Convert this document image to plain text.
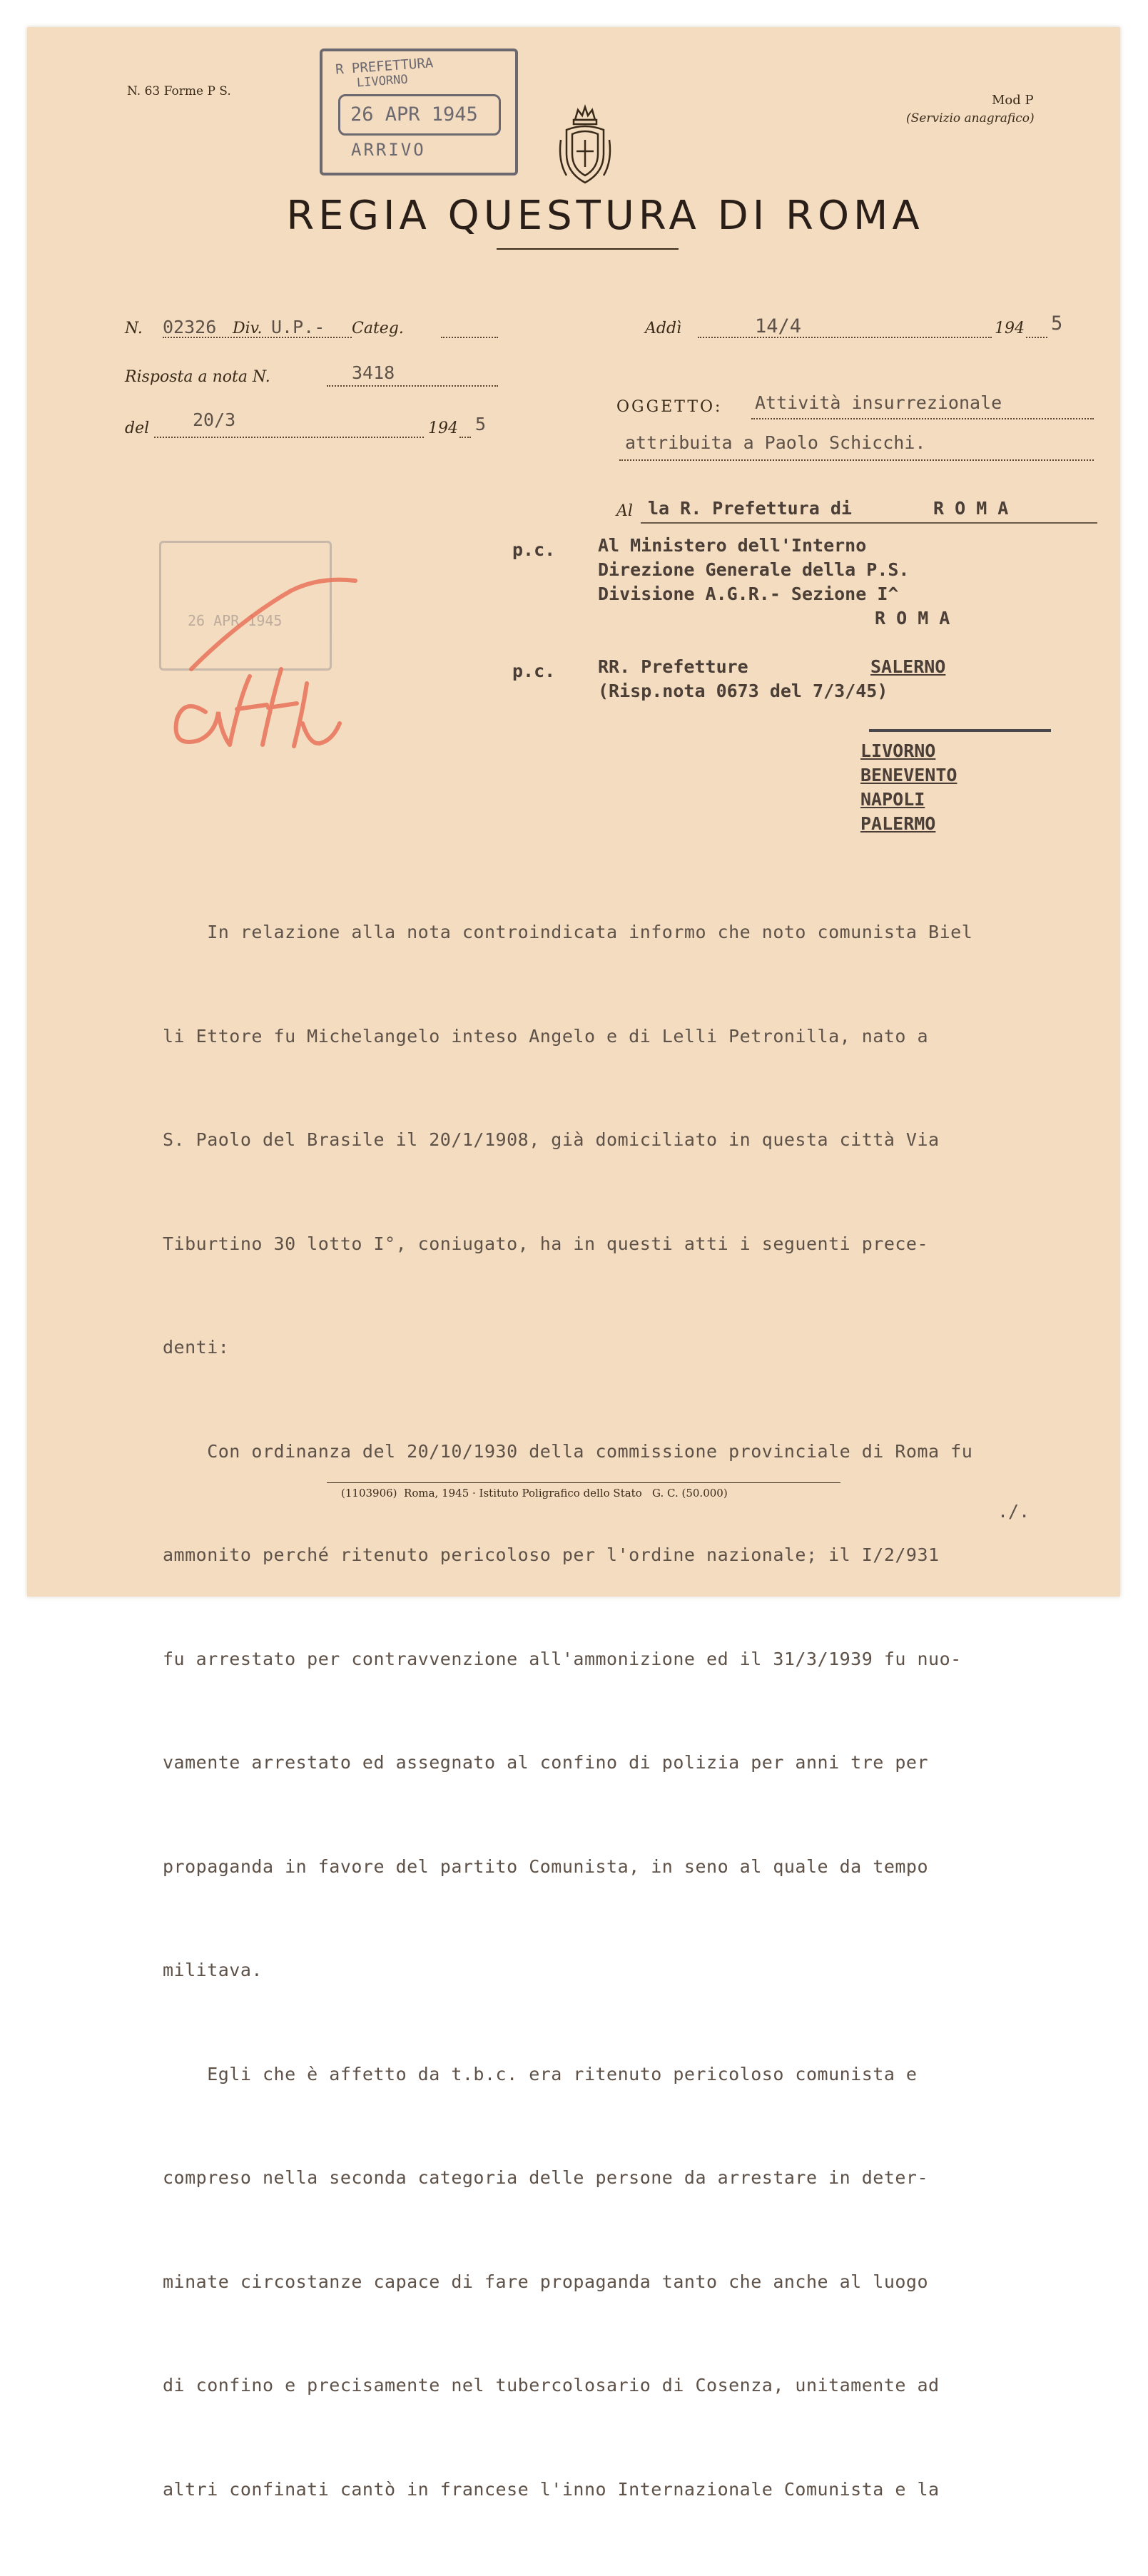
N. 63 Forme P S.
Mod P
(Servizio anagrafico)
R PREFETTURA
LIVORNO
26 APR 1945
ARRIVO
REGIA QUESTURA DI ROMA
N. 02326 Div. U.P.- Categ.	Addì	14/4	194 5
Risposta a nota N.	3418
del 20/3	194 5
OGGETTO: Attività insurrezionale
attribuita a Paolo Schicchi.
Al la R. Prefettura di	R O M A
p.c. Al Ministero dell'Interno
Direzione Generale della P.S.
Divisione A.G.R.- Sezione I^
R O M A
p.c. RR. Prefetture
(Risp.nota 0673 del 7/3/45)
SALERNO
LIVORNO
BENEVENTO
NAPOLI
PALERMO
26 APR 1945

In relazione alla nota controindicata informo che noto comunista Biel

li Ettore fu Michelangelo inteso Angelo e di Lelli Petronilla, nato a

S. Paolo del Brasile il 20/1/1908, già domiciliato in questa città Via

Tiburtino 30 lotto I°, coniugato, ha in questi atti i seguenti prece-

denti:

Con ordinanza del 20/10/1930 della commissione provinciale di Roma fu

ammonito perché ritenuto pericoloso per l'ordine nazionale; il I/2/931

fu arrestato per contravvenzione all'ammonizione ed il 31/3/1939 fu nuo-

vamente arrestato ed assegnato al confino di polizia per anni tre per

propaganda in favore del partito Comunista, in seno al quale da tempo

militava.

Egli che è affetto da t.b.c. era ritenuto pericoloso comunista e

compreso nella seconda categoria delle persone da arrestare in deter-

minate circostanze capace di fare propaganda tanto che anche al luogo

di confino e precisamente nel tubercolosario di Cosenza, unitamente ad

altri confinati cantò in francese l'inno Internazionale Comunista e la

(1103906)  Roma, 1945 · Istituto Poligrafico dello Stato   G. C. (50.000)
./.
